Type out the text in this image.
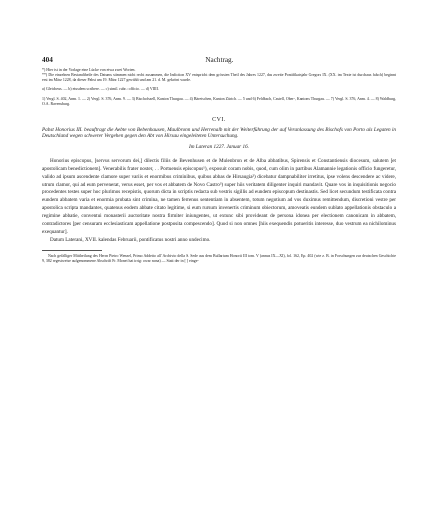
404	Nachtrag.

*) Hier ist in der Vorlage eine Lücke von etwa zwei Worten.

**) Die einzelnen Bestandtheile des Datums stimmen nicht recht zusammen, die Indiction XV entspricht dem grössten Theil des Jahres 1227, das zweite Pontifikatsjahr Gregors IX. (XX. im Texte ist durchaus falsch) beginnt erst im März 1228, da dieser Pabst am 19. März 1227 gewählt und am 21. d. M. gekrönt wurde.

a) Gleicheus. — b) eiusdem scribere. — c) simil. rubr.: officio. — d) VIIII.
1) Vergl. S. 402, Anm. 1. — 2) Vergl. S. 376, Anm. 9. — 3) Bischofszell, Kanton Thurgau. — 4) Bäretschen, Kanton Zürich. — 5 und 6) Feldbach, Castell, Ober-, Kantons Thurgau. — 7) Vergl. S. 376, Anm. 4. — 8) Waldburg, O.A. Ravensburg.
CVI.
Pabst Honorius III. beauftragt die Aebte von Bebenhausen, Maulbronn und Herrenalb mit der Weiterführung der auf Veranlassung des Bischofs von Porto als Legaten in Deutschland wegen schwerer Vergehen gegen den Abt von Hirsau eingeleiteten Untersuchung.
Im Lateran 1227. Januar 16.

Honorius episcopus, [servus servorum dei,] dilectis filiis de Bevenhusen et de Mulenbron et de Alba abbatibus, Spirensis et Constantiensis diocesum, salutem [et apostolicam benedictionem]. Venerabilis frater noster, . . Portuensis episcopus¹), exposuit coram nobis, quod, cum olim in partibus Alamannie legationis officio fungeretur, valido ad ipsum ascendente clamore super variis et enormibus criminibus, quibus abbas de Hirsaugia²) dicebatur dampnabiliter irretitus, ipse volens descendere ac videre, utrum clamor, qui ad eum pervenerat, verus esset, per vos et abbatem de Novo Castro³) super hiis veritatem diligenter inquiri mandavit. Quare vos in inquisitionis negocio procedentes testes super hoc plurimos recepistis, quorum dicta in scriptis redacta sub vestris sigillis ad eundem episcopum destinastis. Sed licet secundum testificata contra eundem abbatem varia et enormia probata sint crimina, ne tamen ferrenus sententiam in absentem, totum negotium ad vos duximus remittendum, discretioni vestre per apostolica scripta mandantes, quatenus eodem abbate citato legitime, si eum rursum invenertis criminum obiectorum, amovеatis eundem sublato appellationis obstaculo a regimine abbatie, conventui monasterii auctoritate nostra firmiter iniungentes, ut extunc sibi provideant de persona idonea per electionem canonicam in abbatem, contradictores [per censuram ecclesiasticam appellatione postposita compescendo]. Quod si non omnes [hiis exequendis potueritis interesse, duo vestrum ea nichilominus exequantur].

Datum Laterani, XVII. kalendas Februarii, pontificatus nostri anno undecimo.

Nach gefälliger Mittheilung des Herrn Pietro Wenzel, Primo Addetto all' Archivio della S. Sede aus dem Bullarium Honorii III tom. V (annus IX—XI), fol. 162, Ep. 402 (wie z. B. in Forschungen zur deutschen Geschichte 9, 382 regestweise aufgenommene Abschrift Fr. Monei hat irrig: owar nona) — Statt der in [ ] einge-
